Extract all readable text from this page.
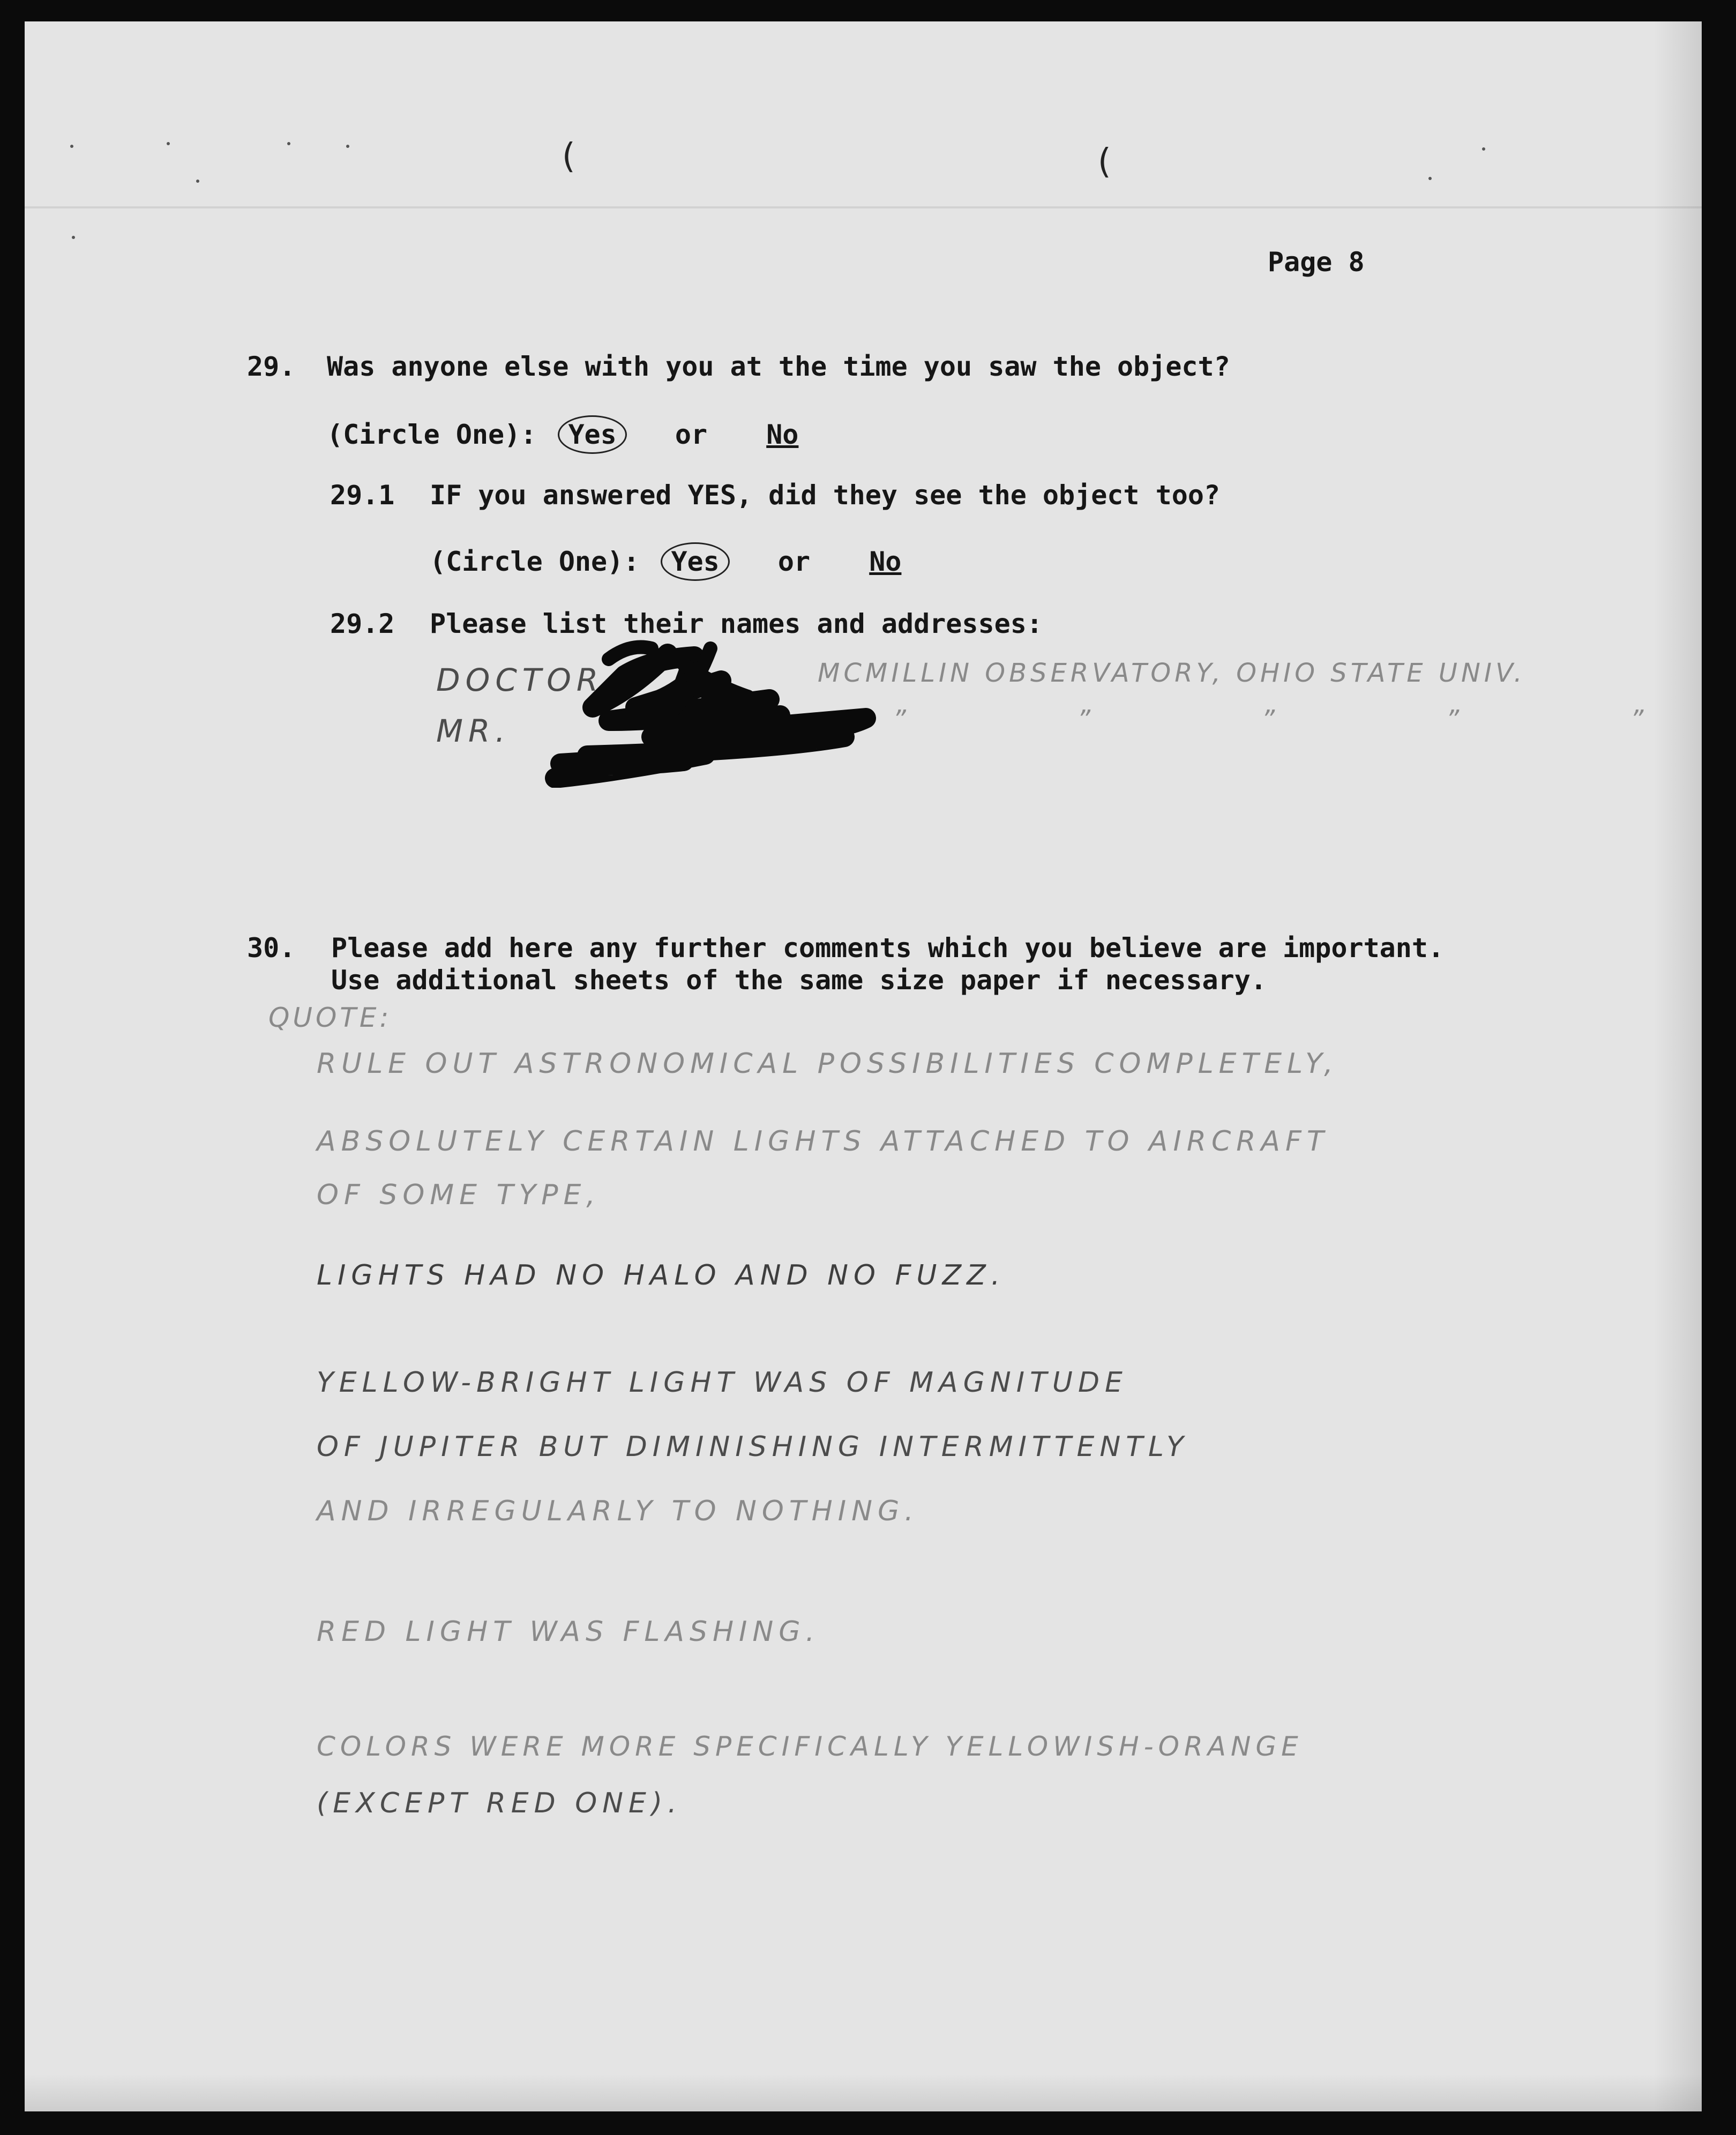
(	(
Page 8
29. Was anyone else with you at the time you saw the object?
(Circle One): Yes or No
29.1 IF you answered YES, did they see the object too?
(Circle One): Yes or No
29.2 Please list their names and addresses:
DOCTOR	MCMILLIN OBSERVATORY, OHIO STATE UNIV.
MR.	” ” ” ” ”
30. Please add here any further comments which you believe are important.
Use additional sheets of the same size paper if necessary.
QUOTE:
RULE OUT ASTRONOMICAL POSSIBILITIES COMPLETELY,
ABSOLUTELY CERTAIN LIGHTS ATTACHED TO AIRCRAFT
OF SOME TYPE,
LIGHTS HAD NO HALO AND NO FUZZ.
YELLOW-BRIGHT LIGHT WAS OF MAGNITUDE
OF JUPITER BUT DIMINISHING INTERMITTENTLY
AND IRREGULARLY TO NOTHING.
RED LIGHT WAS FLASHING.
COLORS WERE MORE SPECIFICALLY YELLOWISH-ORANGE
(EXCEPT RED ONE).
